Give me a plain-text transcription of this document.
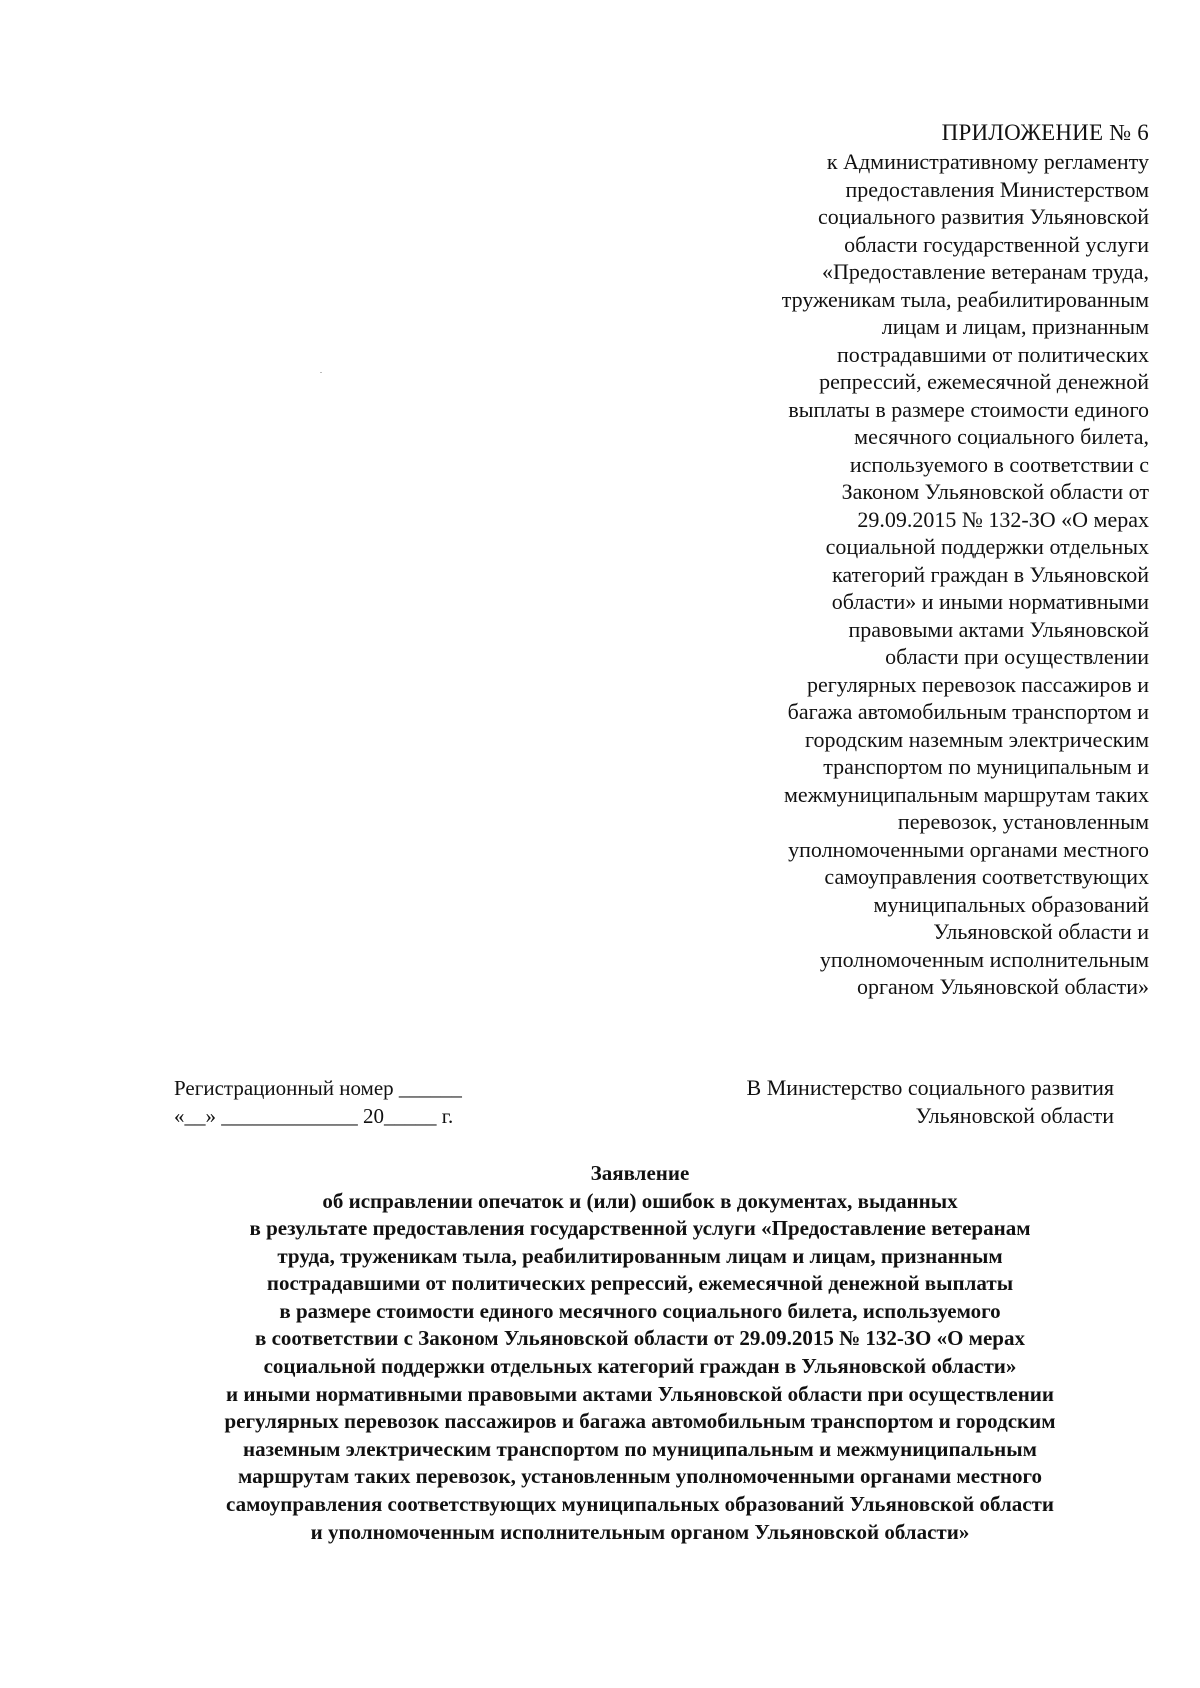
ПРИЛОЖЕНИЕ № 6

к Административному регламенту

предоставления Министерством

социального развития Ульяновской

области государственной услуги

«Предоставление ветеранам труда,

труженикам тыла, реабилитированным

лицам и лицам, признанным

пострадавшими от политических

репрессий, ежемесячной денежной

выплаты в размере стоимости единого

месячного социального билета,

используемого в соответствии с

Законом Ульяновской области от

29.09.2015 № 132-ЗО «О мерах

социальной поддержки отдельных

категорий граждан в Ульяновской

области» и иными нормативными

правовыми актами Ульяновской

области при осуществлении

регулярных перевозок пассажиров и

багажа автомобильным транспортом и

городским наземным электрическим

транспортом по муниципальным и

межмуниципальным маршрутам таких

перевозок, установленным

уполномоченными органами местного

самоуправления соответствующих

муниципальных образований

Ульяновской области и

уполномоченным исполнительным

органом Ульяновской области»

Регистрационный номер ______
«__» _____________ 20_____ г.
В Министерство социального развития
Ульяновской области

Заявление

об исправлении опечаток и (или) ошибок в документах, выданных

в результате предоставления государственной услуги «Предоставление ветеранам

труда, труженикам тыла, реабилитированным лицам и лицам, признанным

пострадавшими от политических репрессий, ежемесячной денежной выплаты

в размере стоимости единого месячного социального билета, используемого

в соответствии с Законом Ульяновской области от 29.09.2015 № 132-ЗО «О мерах

социальной поддержки отдельных категорий граждан в Ульяновской области»

и иными нормативными правовыми актами Ульяновской области при осуществлении

регулярных перевозок пассажиров и багажа автомобильным транспортом и городским

наземным электрическим транспортом по муниципальным и межмуниципальным

маршрутам таких перевозок, установленным уполномоченными органами местного

самоуправления соответствующих муниципальных образований Ульяновской области

и уполномоченным исполнительным органом Ульяновской области»
